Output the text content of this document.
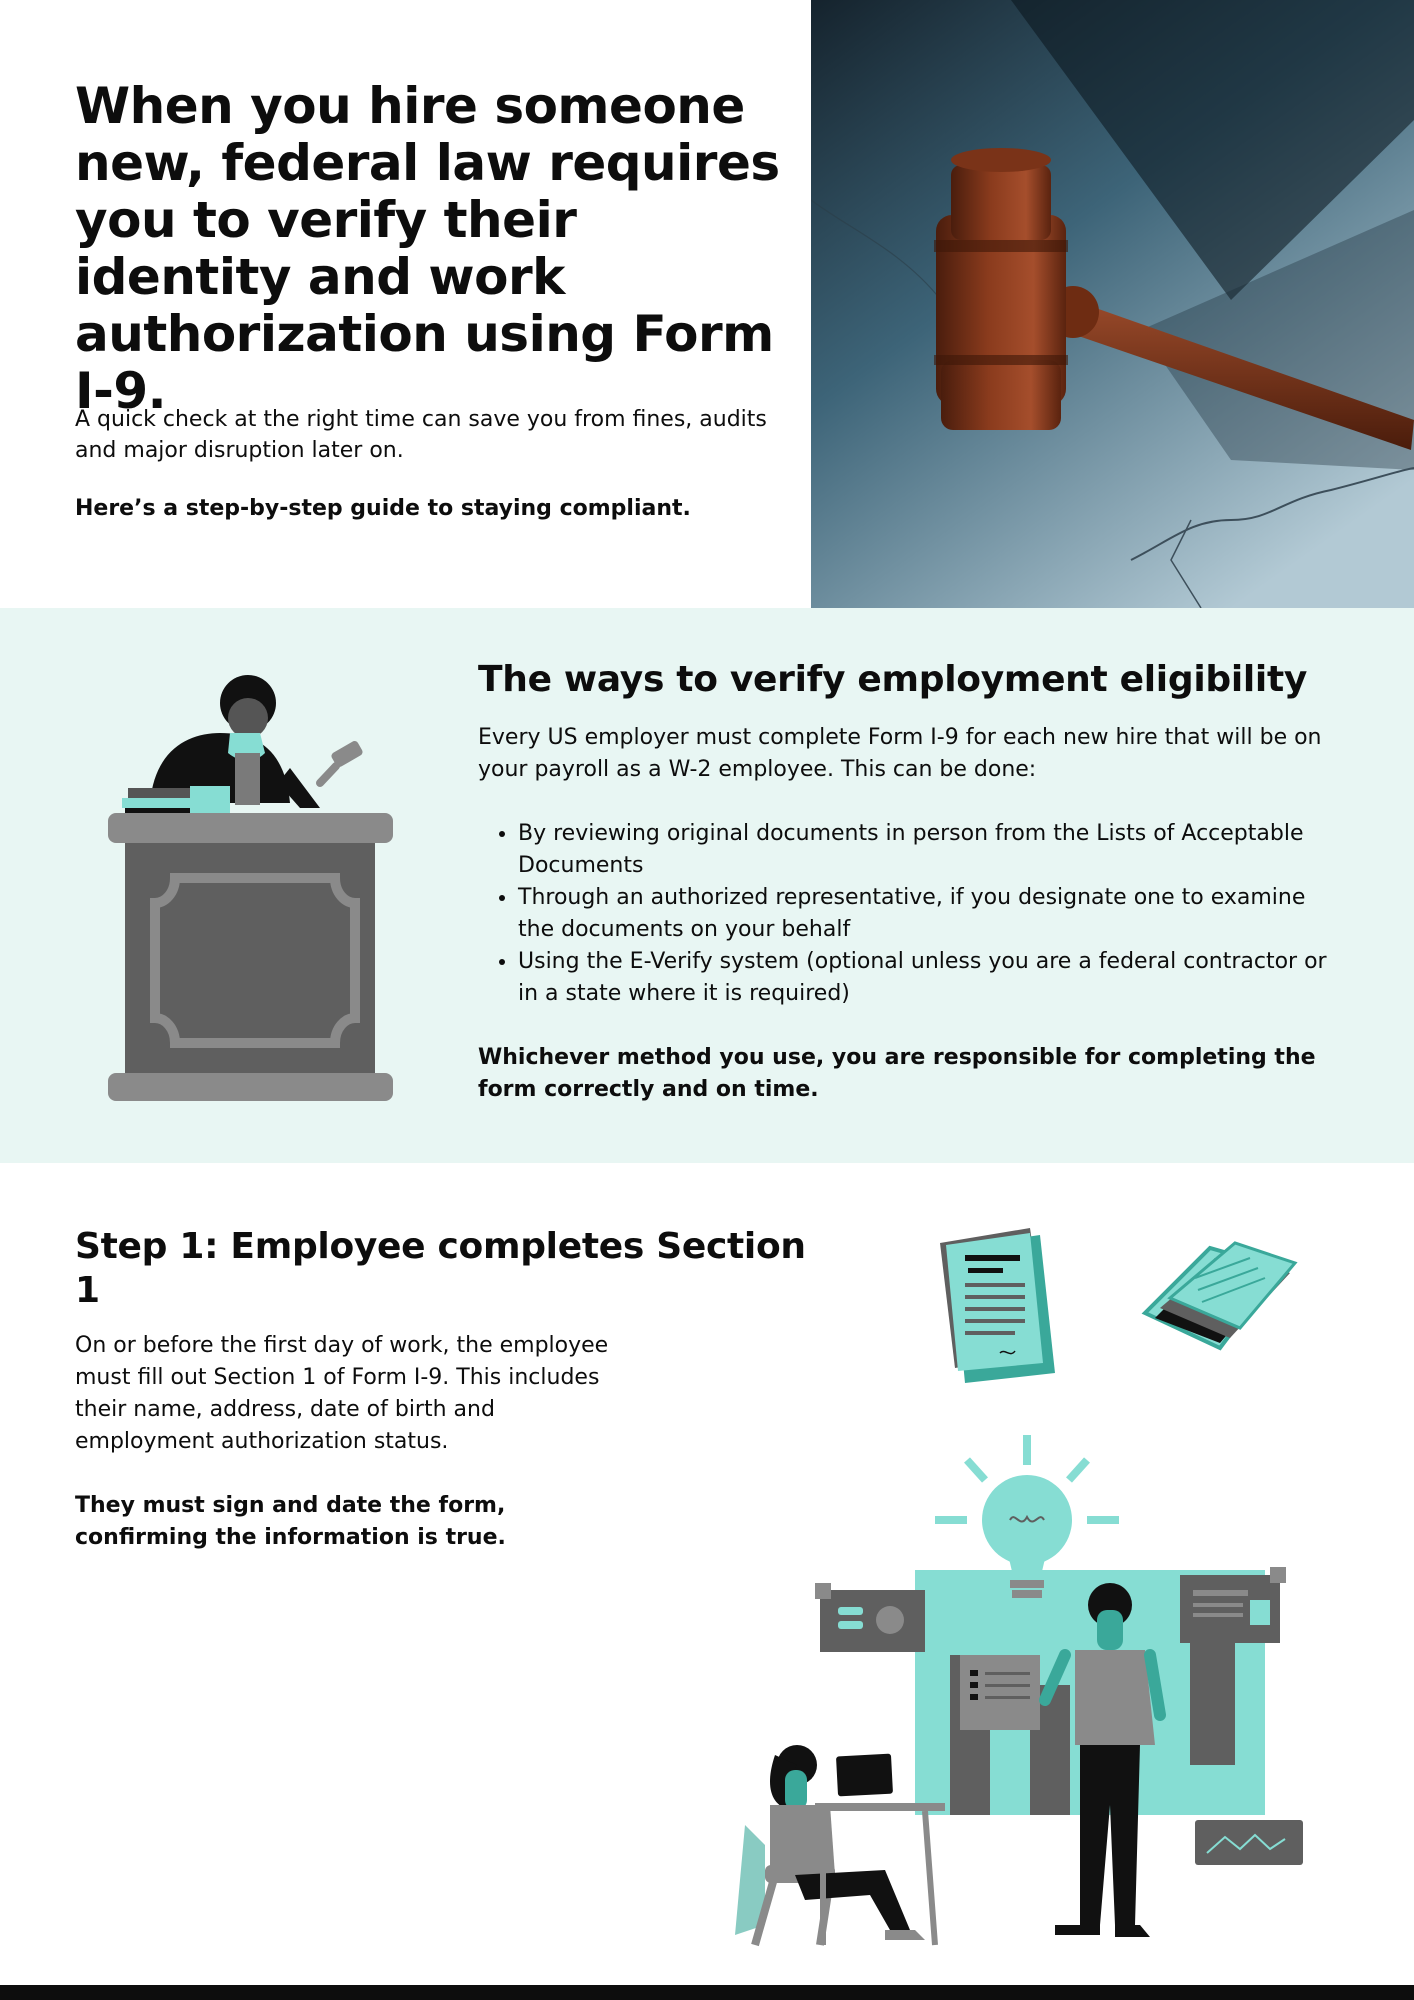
When you hire someone new, federal law requires you to verify their identity and work authorization using Form I-9.

A quick check at the right time can save you from fines, audits and major disruption later on.

Here’s a step-by-step guide to staying compliant.

The ways to verify employment eligibility

Every US employer must complete Form I-9 for each new hire that will be on your payroll as a W-2 employee. This can be done:

• By reviewing original documents in person from the Lists of Acceptable Documents
• Through an authorized representative, if you designate one to examine the documents on your behalf
• Using the E-Verify system (optional unless you are a federal contractor or in a state where it is required)

Whichever method you use, you are responsible for completing the form correctly and on time.

Step 1: Employee completes Section 1

On or before the first day of work, the employee must fill out Section 1 of Form I-9. This includes their name, address, date of birth and employment authorization status.

They must sign and date the form, confirming the information is true.
